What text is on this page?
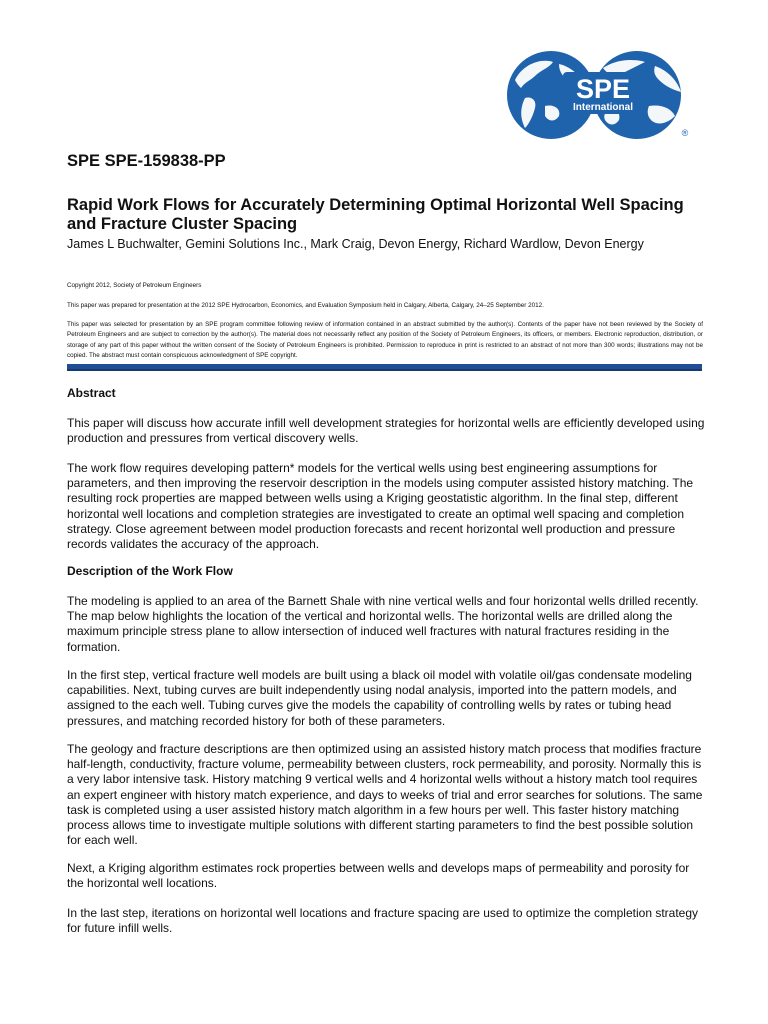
SPE
International
®
SPE SPE-159838-PP
Rapid Work Flows for Accurately Determining Optimal Horizontal Well Spacing and Fracture Cluster Spacing

James L Buchwalter, Gemini Solutions Inc., Mark Craig, Devon Energy, Richard Wardlow, Devon Energy

Copyright 2012, Society of Petroleum Engineers

This paper was prepared for presentation at the 2012 SPE Hydrocarbon, Economics, and Evaluation Symposium held in Calgary, Alberta, Calgary, 24–25 September 2012.

This paper was selected for presentation by an SPE program committee following review of information contained in an abstract submitted by the author(s). Contents of the paper have not been reviewed by the Society of Petroleum Engineers and are subject to correction by the author(s). The material does not necessarily reflect any position of the Society of Petroleum Engineers, its officers, or members. Electronic reproduction, distribution, or storage of any part of this paper without the written consent of the Society of Petroleum Engineers is prohibited. Permission to reproduce in print is restricted to an abstract of not more than 300 words; illustrations may not be copied. The abstract must contain conspicuous acknowledgment of SPE copyright.

Abstract

This paper will discuss how accurate infill well development strategies for horizontal wells are efficiently developed using production and pressures from vertical discovery wells.

The work flow requires developing pattern* models for the vertical wells using best engineering assumptions for parameters, and then improving the reservoir description in the models using computer assisted history matching. The resulting rock properties are mapped between wells using a Kriging geostatistic algorithm. In the final step, different horizontal well locations and completion strategies are investigated to create an optimal well spacing and completion strategy. Close agreement between model production forecasts and recent horizontal well production and pressure records validates the accuracy of the approach.

Description of the Work Flow

The modeling is applied to an area of the Barnett Shale with nine vertical wells and four horizontal wells drilled recently. The map below highlights the location of the vertical and horizontal wells. The horizontal wells are drilled along the maximum principle stress plane to allow intersection of induced well fractures with natural fractures residing in the formation.

In the first step, vertical fracture well models are built using a black oil model with volatile oil/gas condensate modeling capabilities. Next, tubing curves are built independently using nodal analysis, imported into the pattern models, and assigned to the each well. Tubing curves give the models the capability of controlling wells by rates or tubing head pressures, and matching recorded history for both of these parameters.

The geology and fracture descriptions are then optimized using an assisted history match process that modifies fracture half-length, conductivity, fracture volume, permeability between clusters, rock permeability, and porosity. Normally this is a very labor intensive task. History matching 9 vertical wells and 4 horizontal wells without a history match tool requires an expert engineer with history match experience, and days to weeks of trial and error searches for solutions. The same task is completed using a user assisted history match algorithm in a few hours per well. This faster history matching process allows time to investigate multiple solutions with different starting parameters to find the best possible solution for each well.

Next, a Kriging algorithm estimates rock properties between wells and develops maps of permeability and porosity for the horizontal well locations.

In the last step, iterations on horizontal well locations and fracture spacing are used to optimize the completion strategy for future infill wells.
